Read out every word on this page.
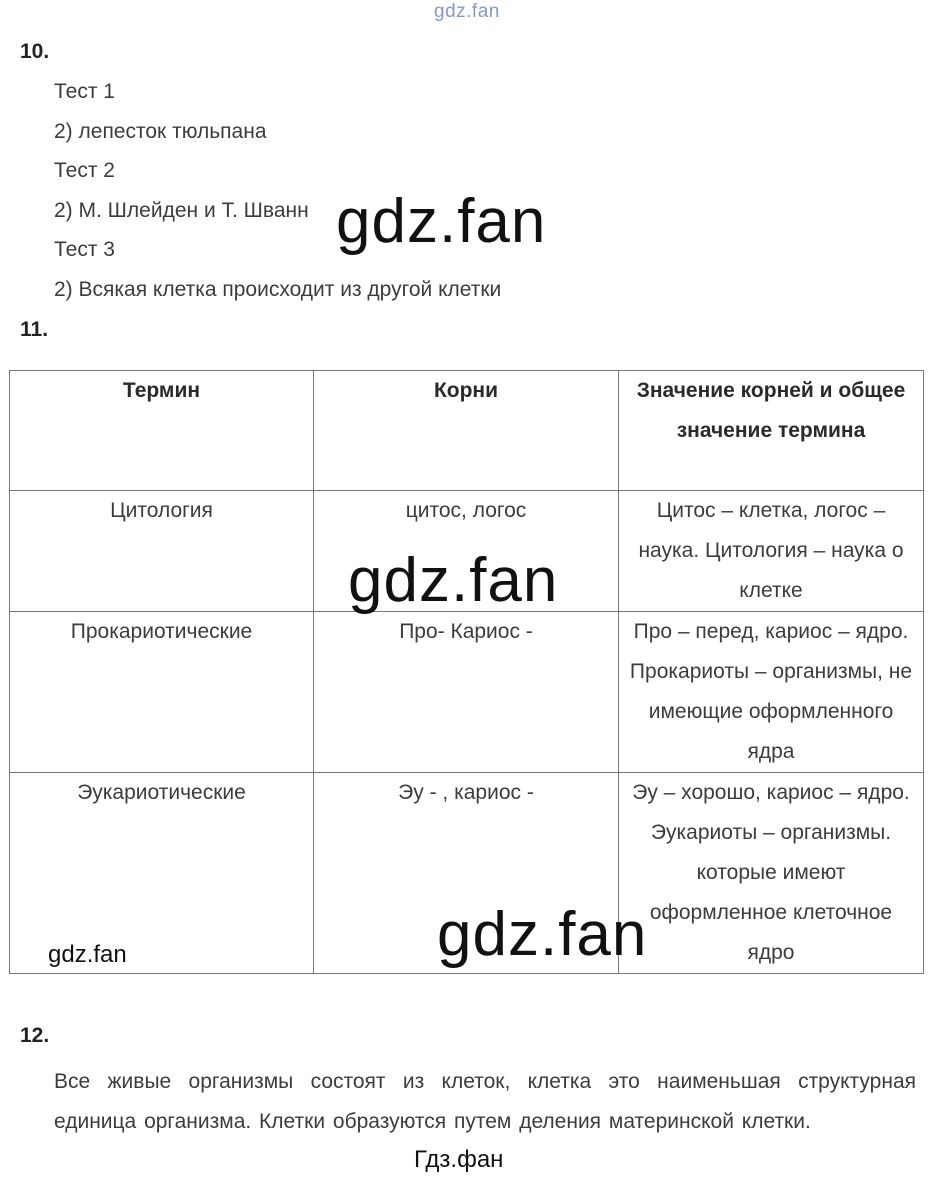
gdz.fan
10.
Тест 1
2) лепесток тюльпана
Тест 2
2) М. Шлейден и Т. Шванн
Тест 3
2) Всякая клетка происходит из другой клетки
gdz.fan
11.
Термин	Корни	Значение корней и общее значение термина
Цитология	цитос, логос	Цитос – клетка, логос – наука. Цитология – наука о клетке
Прокариотические	Про- Кариос -	Про – перед, кариос – ядро. Прокариоты – организмы, не имеющие оформленного ядра
Эукариотические	Эу - , кариос -	Эу – хорошо, кариос – ядро. Эукариоты – организмы. которые имеют оформленное клеточное ядро
gdz.fan
gdz.fan
gdz.fan
12.
Все живые организмы состоят из клеток, клетка это наименьшая структурная единица организма. Клетки образуются путем деления материнской клетки.
Гдз.фан
